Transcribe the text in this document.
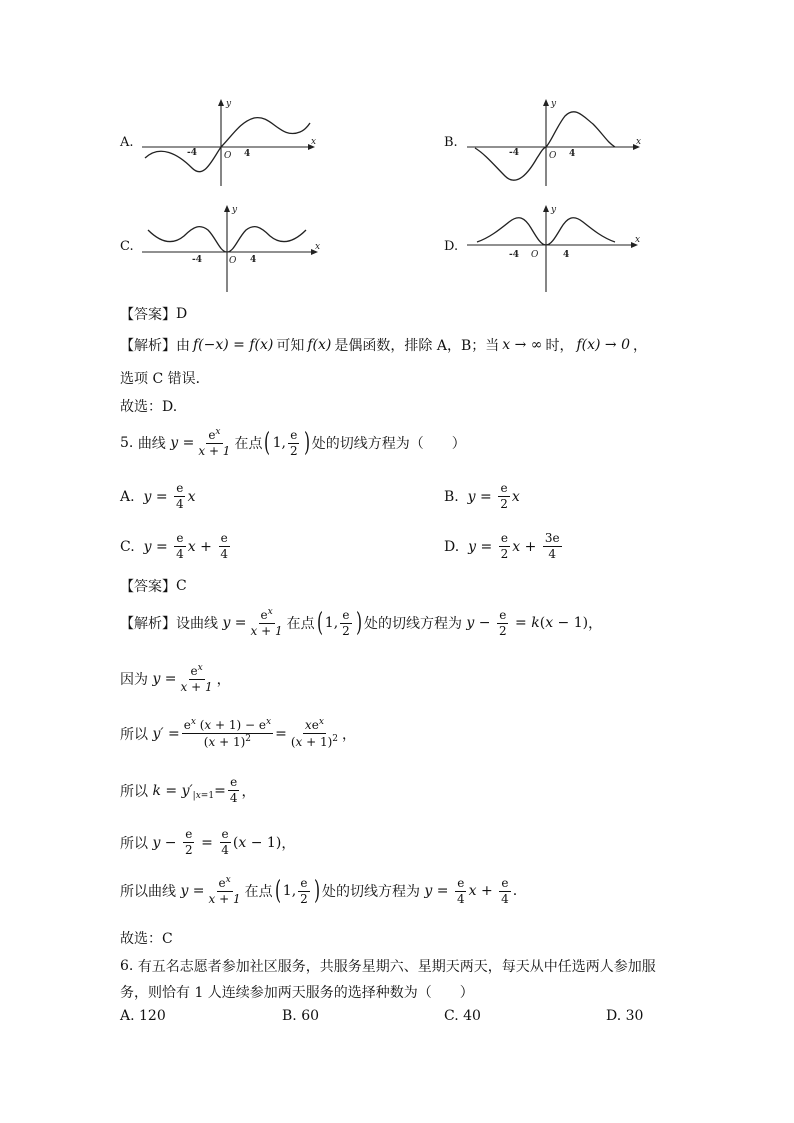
A.	x
y
O
-4	4
B.	x
y
O
-4	4
C.	x
y
O
-4	4
D.	x
y
O
-4	4
【答案】 D
【解析】 由 f(−x) = f(x) 可知 f(x) 是偶函数，排除 A，B；当 x → ∞ 时， f(x) → 0 ，
选项 C 错误．
故选：D.
5.
曲线 $y = \frac{e^x}{x + 1}$ 在点 ( 1, $\frac{e}{2}$ ) 处的切线方程为（　　）
A.
$y = \frac{e}{4}$ x	B.
$y = \frac{e}{2}$ x
C.
$y = \frac{e}{4}$ $x + \frac{e}{4}$	D.
$y = \frac{e}{2}$ $x + \frac{3e}{4}$
【答案】 C
【解析】 设曲线 $y = \frac{e^x}{x + 1}$ 在点 ( 1, $\frac{e}{2}$ ) 处的切线方程为 $y - \frac{e}{2} = k$ ( x − 1 ) ，
因为 $y = \frac{e^x}{x + 1}$ ，
所以 $y' = \frac{e^x (x + 1) - e^x}{(x + 1)^2} = \frac{xe^x}{(x + 1)^2}$ ，
所以 k = y′ $|x=1 = \frac{e}{4}$ ，
所以 $y - \frac{e}{2} = \frac{e}{4}$ ( x − 1 ) ，
所以曲线 $y = \frac{e^x}{x + 1}$ 在点 ( 1, $\frac{e}{2}$ ) 处的切线方程为 $y = \frac{e}{4}$ $x + \frac{e}{4}$ .
故选：C
6.
有五名志愿者参加社区服务，共服务星期六、星期天两天，每天从中任选两人参加服
务，则恰有 1 人连续参加两天服务的选择种数为（　　）
A. 120	B. 60	C. 40	D. 30
